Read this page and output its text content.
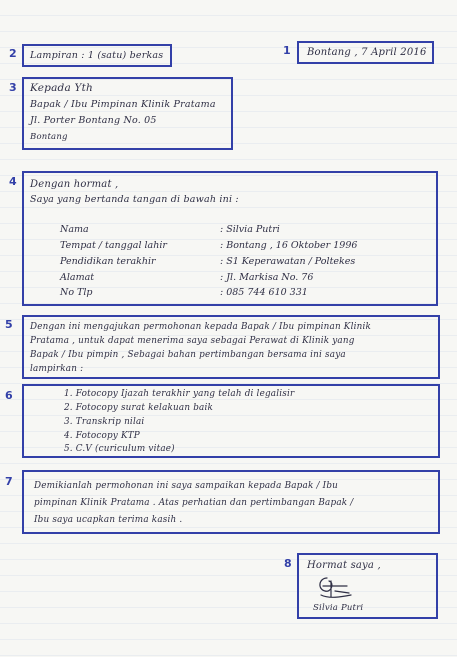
1 Bontang , 7 April 2016
2 Lampiran : 1 (satu) berkas
3 Kepada Yth
Bapak / Ibu Pimpinan Klinik Pratama
Jl. Porter Bontang No. 05
Bontang
4 Dengan hormat ,
Saya yang bertanda tangan di bawah ini :
Nama	: Silvia Putri
Tempat / tanggal lahir	: Bontang , 16 Oktober 1996
Pendidikan terakhir	: S1 Keperawatan / Poltekes
Alamat	: Jl. Markisa No. 76
No Tlp	: 085 744 610 331
5 Dengan ini mengajukan permohonan kepada Bapak / Ibu pimpinan Klinik
Pratama , untuk dapat menerima saya sebagai Perawat di Klinik yang
Bapak / Ibu pimpin , Sebagai bahan pertimbangan bersama ini saya
lampirkan :
6	1. Fotocopy Ijazah terakhir yang telah di legalisir
2. Fotocopy surat kelakuan baik
3. Transkrip nilai
4. Fotocopy KTP
5. C.V (curiculum vitae)
7 Demikianlah permohonan ini saya sampaikan kepada Bapak / Ibu
pimpinan Klinik Pratama . Atas perhatian dan pertimbangan Bapak /
Ibu saya ucapkan terima kasih .
8 Hormat saya ,
Silvia Putri
